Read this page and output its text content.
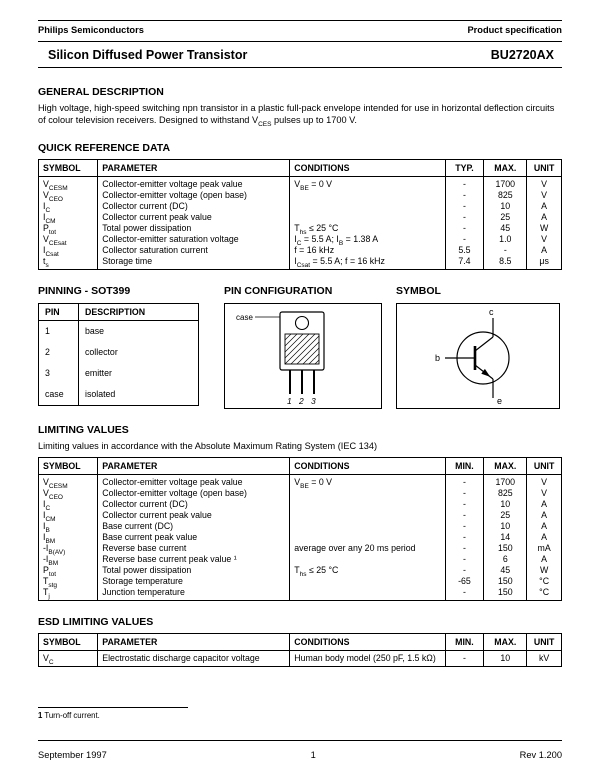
Philips Semiconductors	Product specification
Silicon Diffused Power Transistor	BU2720AX
GENERAL DESCRIPTION

High voltage, high-speed switching npn transistor in a plastic full-pack envelope intended for use in horizontal deflection circuits of colour television receivers. Designed to withstand $V_{CES}$ pulses up to 1700 V.

QUICK REFERENCE DATA
SYMBOL	PARAMETER	CONDITIONS	TYP.	MAX.	UNIT
$V_{CESM}$	Collector-emitter voltage peak value	$V_{BE} = 0$ V	-	1700	V
$V_{CEO}$	Collector-emitter voltage (open base)		-	825	V
$I_C$	Collector current (DC)		-	10	A
$I_{CM}$	Collector current peak value		-	25	A
$P_{tot}$	Total power dissipation	$T_{hs} \le 25$ °C	-	45	W
$V_{CEsat}$	Collector-emitter saturation voltage	$I_C = 5.5$ A; $I_B = 1.38$ A	-	1.0	V
$I_{Csat}$	Collector saturation current	f = 16 kHz	5.5	-	A
$t_s$	Storage time	$I_{Csat} = 5.5$ A; f = 16 kHz	7.4	8.5	μs
PINNING - SOT399
PIN	DESCRIPTION
1	base
2	collector
3	emitter
case	isolated
PIN CONFIGURATION
case
1 2 3
SYMBOL
c
b
e
LIMITING VALUES

Limiting values in accordance with the Absolute Maximum Rating System (IEC 134)

SYMBOL	PARAMETER	CONDITIONS	MIN.	MAX.	UNIT
$V_{CESM}$	Collector-emitter voltage peak value	$V_{BE} = 0$ V	-	1700	V
$V_{CEO}$	Collector-emitter voltage (open base)		-	825	V
$I_C$	Collector current (DC)		-	10	A
$I_{CM}$	Collector current peak value		-	25	A
$I_B$	Base current (DC)		-	10	A
$I_{BM}$	Base current peak value		-	14	A
$-I_{B(AV)}$	Reverse base current	average over any 20 ms period	-	150	mA
$-I_{BM}$	Reverse base current peak value ¹		-	6	A
$P_{tot}$	Total power dissipation	$T_{hs} \le 25$ °C	-	45	W
$T_{stg}$	Storage temperature		-65	150	°C
$T_j$	Junction temperature		-	150	°C
ESD LIMITING VALUES
SYMBOL	PARAMETER	CONDITIONS	MIN.	MAX.	UNIT
$V_C$	Electrostatic discharge capacitor voltage	Human body model (250 pF, 1.5 kΩ)	-	10	kV

1 Turn-off current.

September 1997	1	Rev 1.200
